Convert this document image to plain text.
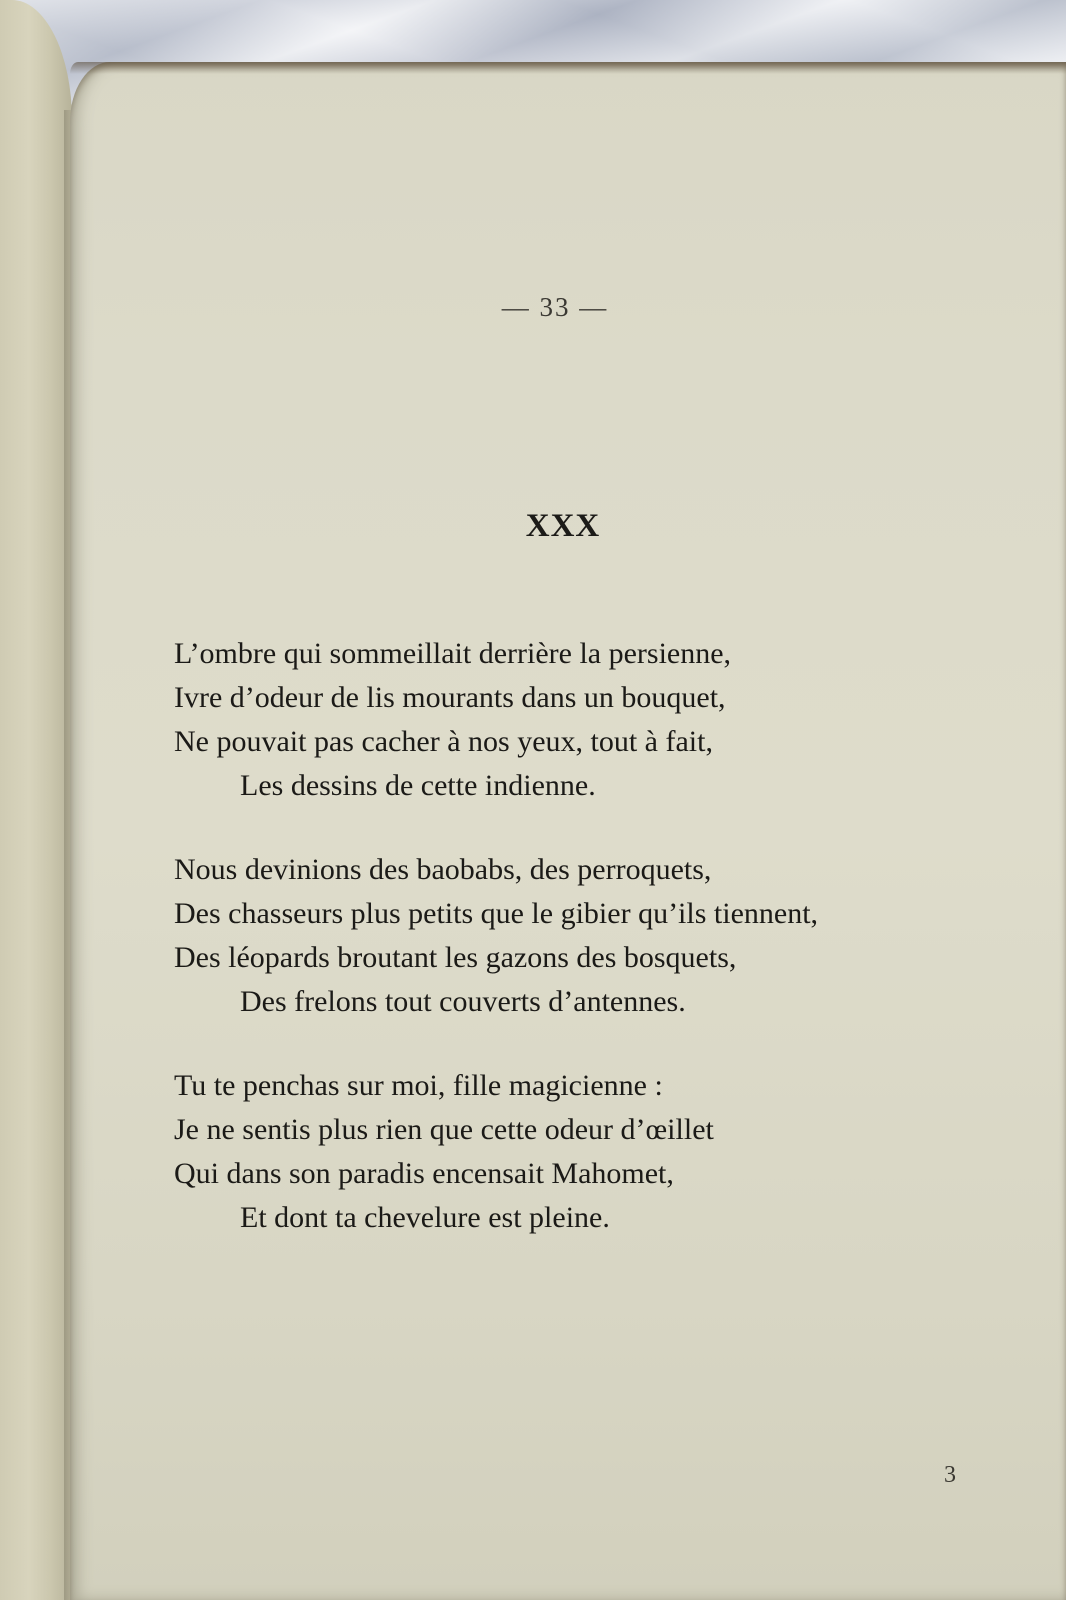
— 33 —
XXX
L’ombre qui sommeillait derrière la persienne,
Ivre d’odeur de lis mourants dans un bouquet,
Ne pouvait pas cacher à nos yeux, tout à fait,
Les dessins de cette indienne.
Nous devinions des baobabs, des perroquets,
Des chasseurs plus petits que le gibier qu’ils tiennent,
Des léopards broutant les gazons des bosquets,
Des frelons tout couverts d’antennes.
Tu te penchas sur moi, fille magicienne :
Je ne sentis plus rien que cette odeur d’œillet
Qui dans son paradis encensait Mahomet,
Et dont ta chevelure est pleine.
3
